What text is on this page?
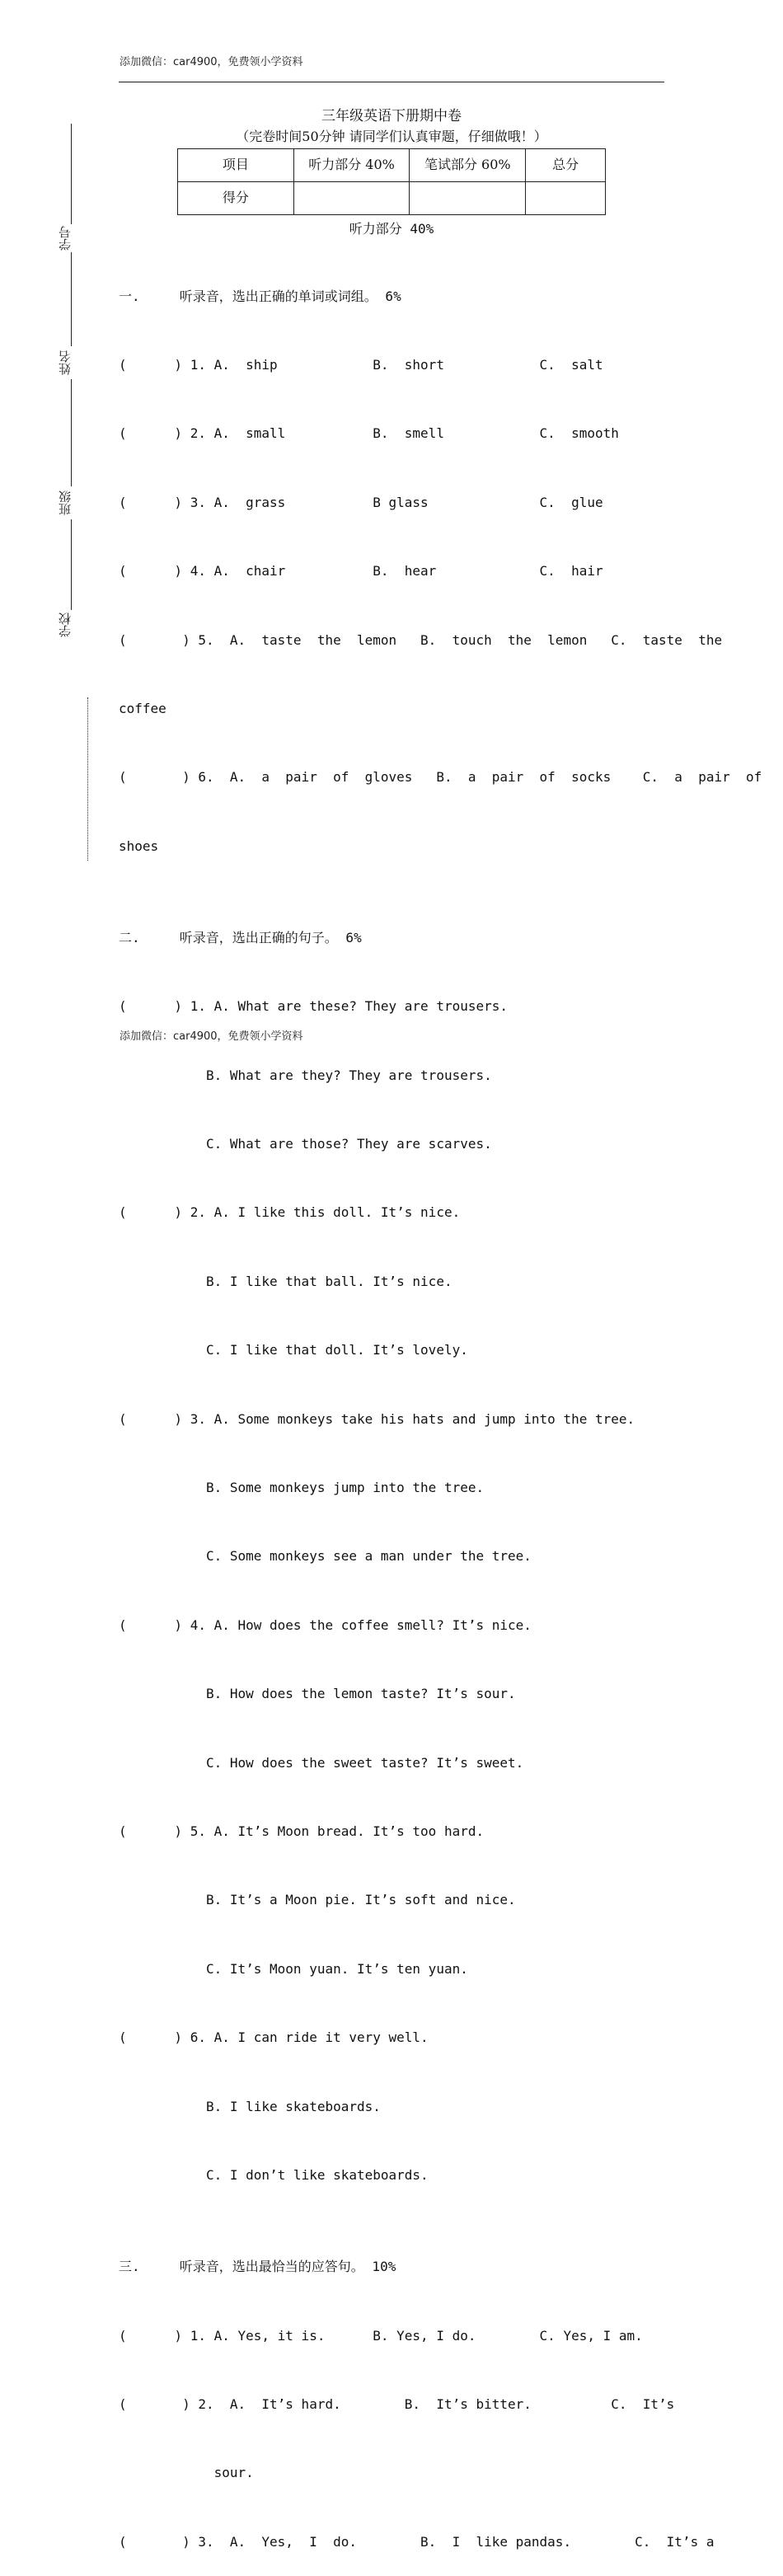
添加微信：car4900，免费领小学资料
学号
姓名
班级
学校
三年级英语下册期中卷
（完卷时间50分钟 请同学们认真审题，仔细做哦！）
项目	听力部分 40%	笔试部分 60%	总分
得分			
听力部分 40%

一.     听录音，选出正确的单词或词组。 6%

(      ) 1. A.  ship            B.  short            C.  salt

(      ) 2. A.  small           B.  smell            C.  smooth

(      ) 3. A.  grass           B glass              C.  glue

(      ) 4. A.  chair           B.  hear             C.  hair

(       ) 5.  A.  taste  the  lemon   B.  touch  the  lemon   C.  taste  the

coffee

(       ) 6.  A.  a  pair  of  gloves   B.  a  pair  of  socks    C.  a  pair  of

shoes

二.     听录音，选出正确的句子。 6%

(      ) 1. A. What are these? They are trousers.

B. What are they? They are trousers.

C. What are those? They are scarves.

(      ) 2. A. I like this doll. It’s nice.

B. I like that ball. It’s nice.

C. I like that doll. It’s lovely.

(      ) 3. A. Some monkeys take his hats and jump into the tree.

B. Some monkeys jump into the tree.

C. Some monkeys see a man under the tree.

(      ) 4. A. How does the coffee smell? It’s nice.

B. How does the lemon taste? It’s sour.

C. How does the sweet taste? It’s sweet.

(      ) 5. A. It’s Moon bread. It’s too hard.

B. It’s a Moon pie. It’s soft and nice.

C. It’s Moon yuan. It’s ten yuan.

(      ) 6. A. I can ride it very well.

B. I like skateboards.

C. I don’t like skateboards.

三.     听录音，选出最恰当的应答句。 10%

(      ) 1. A. Yes, it is.      B. Yes, I do.        C. Yes, I am.

(       ) 2.  A.  It’s hard.        B.  It’s bitter.          C.  It’s

sour.

(       ) 3.  A.  Yes,  I  do.        B.  I  like pandas.        C.  It’s a

添加微信：car4900，免费领小学资料
